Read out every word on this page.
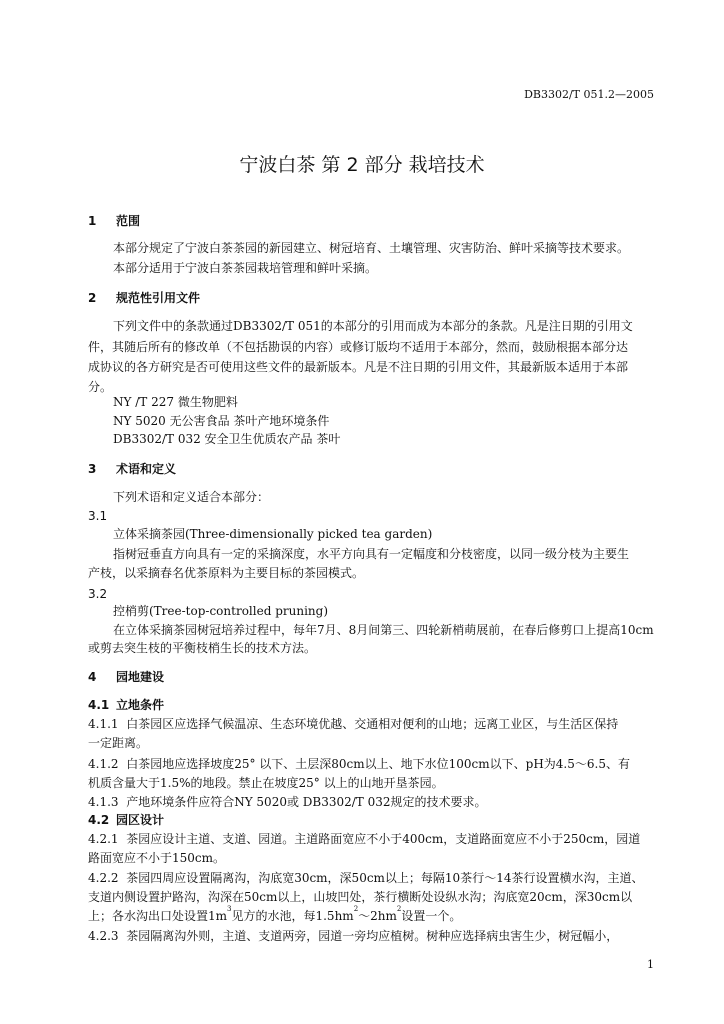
DB3302/T 051.2—2005
宁波白茶 第 2 部分 栽培技术
1 范围
本部分规定了宁波白茶茶园的新园建立、树冠培育、土壤管理、灾害防治、鲜叶采摘等技术要求。
本部分适用于宁波白茶茶园栽培管理和鲜叶采摘。
2 规范性引用文件
下列文件中的条款通过DB3302/T 051的本部分的引用而成为本部分的条款。凡是注日期的引用文
件，其随后所有的修改单（不包括勘误的内容）或修订版均不适用于本部分，然而，鼓励根据本部分达
成协议的各方研究是否可使用这些文件的最新版本。凡是不注日期的引用文件，其最新版本适用于本部
分。
NY /T 227 微生物肥料
NY 5020 无公害食品 茶叶产地环境条件
DB3302/T 032 安全卫生优质农产品 茶叶
3 术语和定义
下列术语和定义适合本部分：
3.1
立体采摘茶园(Three-dimensionally picked tea garden)
指树冠垂直方向具有一定的采摘深度，水平方向具有一定幅度和分枝密度，以同一级分枝为主要生
产枝，以采摘春名优茶原料为主要目标的茶园模式。
3.2
控梢剪(Tree-top-controlled pruning)
在立体采摘茶园树冠培养过程中，每年7月、8月间第三、四轮新梢萌展前，在春后修剪口上提高10cm
或剪去突生枝的平衡枝梢生长的技术方法。
4 园地建设
4.1 立地条件
4.1.1 白茶园区应选择气候温凉、生态环境优越、交通相对便利的山地；远离工业区，与生活区保持
一定距离。
4.1.2 白茶园地应选择坡度25° 以下、土层深80cm以上、地下水位100cm以下、pH为4.5～6.5、有
机质含量大于1.5%的地段。禁止在坡度25° 以上的山地开垦茶园。
4.1.3 产地环境条件应符合NY 5020或 DB3302/T 032规定的技术要求。
4.2 园区设计
4.2.1 茶园应设计主道、支道、园道。主道路面宽应不小于400cm，支道路面宽应不小于250cm，园道
路面宽应不小于150cm。
4.2.2 茶园四周应设置隔离沟，沟底宽30cm，深50cm以上；每隔10茶行～14茶行设置横水沟，主道、
支道内侧设置护路沟，沟深在50cm以上，山坡凹处，茶行横断处设纵水沟；沟底宽20cm，深30cm以
上；各水沟出口处设置$1m^3$见方的水池，每$1.5hm^2\sim 2hm^2$设置一个。
4.2.3 茶园隔离沟外则，主道、支道两旁，园道一旁均应植树。树种应选择病虫害生少，树冠幅小，
1
